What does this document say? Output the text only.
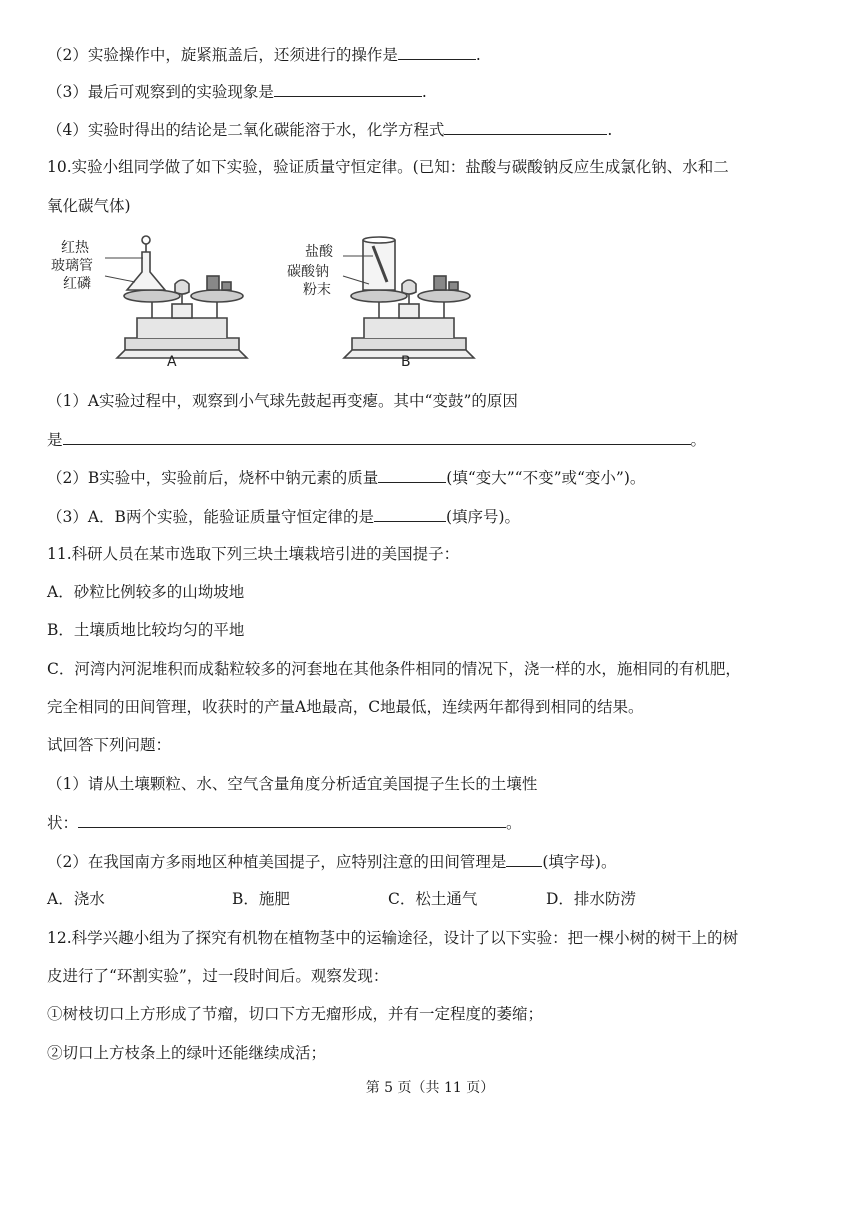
（2）实验操作中，旋紧瓶盖后，还须进行的操作是	.
（3）最后可观察到的实验现象是	.
（4）实验时得出的结论是二氧化碳能溶于水，化学方程式	.
10.实验小组同学做了如下实验，验证质量守恒定律。(已知：盐酸与碳酸钠反应生成氯化钠、水和二
氧化碳气体)
红热
玻璃管
红磷
盐酸
碳酸钠
粉末
A	B
（1）A实验过程中，观察到小气球先鼓起再变瘪。其中“变鼓”的原因
是	。
（2）B实验中，实验前后，烧杯中钠元素的质量	(填“变大”“不变”或“变小”)。
（3）A．B两个实验，能验证质量守恒定律的是	(填序号)。
11.科研人员在某市选取下列三块土壤栽培引进的美国提子：
A．砂粒比例较多的山坳坡地
B．土壤质地比较均匀的平地
C．河湾内河泥堆积而成黏粒较多的河套地在其他条件相同的情况下，浇一样的水，施相同的有机肥，
完全相同的田间管理，收获时的产量A地最高，C地最低，连续两年都得到相同的结果。
试回答下列问题：
（1）请从土壤颗粒、水、空气含量角度分析适宜美国提子生长的土壤性
状：	。
（2）在我国南方多雨地区种植美国提子，应特别注意的田间管理是 (填字母)。
A．浇水	B．施肥	C．松土通气	D．排水防涝
12.科学兴趣小组为了探究有机物在植物茎中的运输途径，设计了以下实验：把一棵小树的树干上的树
皮进行了“环割实验”，过一段时间后。观察发现：
①树枝切口上方形成了节瘤，切口下方无瘤形成，并有一定程度的萎缩；
②切口上方枝条上的绿叶还能继续成活；
第 5 页（共 11 页）
